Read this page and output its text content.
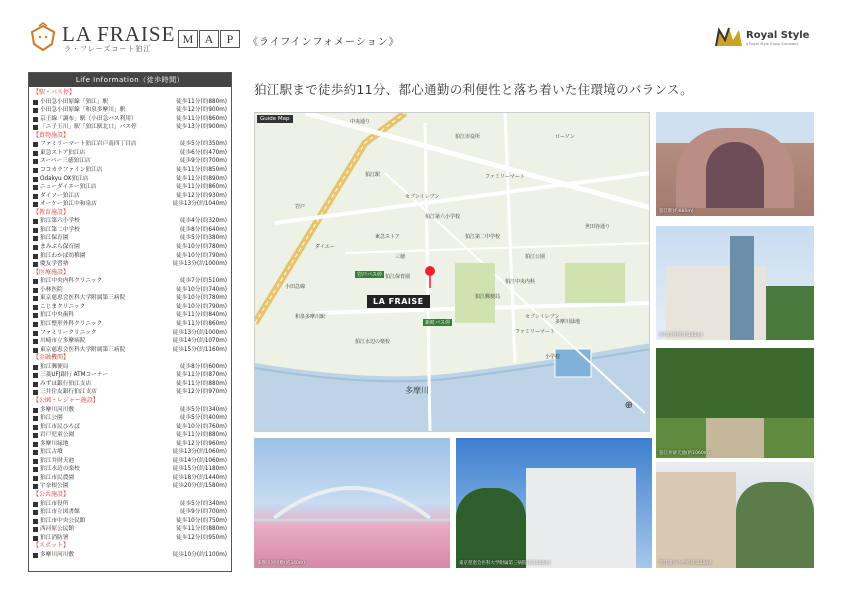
LA FRAISE
ラ・フレーズコート狛江
M A	P	《ライフインフォメーション》
Royal Style
a Royal Style Group Company
狛江駅まで徒歩約11分、都心通勤の利便性と落ち着いた住環境のバランス。
Life Information（徒歩時間）
【駅・バス停】
小田急小田原線「狛江」駅	徒歩11分(約880m)
小田急小田原線「和泉多摩川」駅	徒歩12分(約900m)
京王線「調布」駅（小田急バス利用）	徒歩11分(約860m)
「ニ子玉川」駅「狛江駅北口」バス停	徒歩13分(約900m)
【買物施設】
ファミリーマート狛江岩戸南四丁目店	徒歩5分(約350m)
東急ストア狛江店	徒歩6分(約470m)
スーパー三徳狛江店	徒歩9分(約700m)
ココカラファイン狛江店	徒歩11分(約850m)
Odakyu OX狛江店	徒歩11分(約890m)
ニューダイエー狛江店	徒歩11分(約860m)
ダイソー狛江店	徒歩12分(約930m)
オーケー狛江中和泉店	徒歩13分(約1040m)
【教育施設】
狛江第六小学校	徒歩4分(約320m)
狛江第二中学校	徒歩8分(約640m)
狛江保育園	徒歩5分(約380m)
まみぶら保育園	徒歩10分(約780m)
狛江わかば幼稚園	徒歩10分(約790m)
慶友学習塾	徒歩13分(約1000m)
【医療施設】
狛江中央内科クリニック	徒歩7分(約510m)
小林医院	徒歩10分(約740m)
東京慈恵会医科大学附属第三病院	徒歩10分(約780m)
こじまクリニック	徒歩10分(約790m)
狛江中央歯科	徒歩11分(約840m)
狛江整形外科クリニック	徒歩11分(約860m)
ファミリークリニック	徒歩13分(約1000m)
川崎市立多摩病院	徒歩14分(約1070m)
東京慈恵会医科大学附属第三病院	徒歩15分(約1160m)
【金融機関】
狛江郵便局	徒歩8分(約600m)
三菱UFJ銀行 ATMコーナー	徒歩11分(約870m)
みずほ銀行狛江支店	徒歩11分(約880m)
三井住友銀行狛江支店	徒歩12分(約970m)
【公園・レジャー施設】
多摩川河川敷	徒歩5分(約340m)
狛江公園	徒歩5分(約400m)
狛江市民ひろば	徒歩10分(約760m)
岩戸児童公園	徒歩11分(約880m)
多摩川緑地	徒歩12分(約960m)
狛江古墳	徒歩13分(約1060m)
狛江弁財天池	徒歩14分(約1060m)
狛江水辺の楽校	徒歩15分(約1180m)
狛江市民農園	徒歩18分(約1440m)
宇奈根公園	徒歩20分(約1580m)
【公共施設】
狛江市役所	徒歩5分(約340m)
狛江市立図書館	徒歩9分(約700m)
狛江市中央公民館	徒歩10分(約750m)
西河原公民館	徒歩11分(約880m)
狛江消防署	徒歩12分(約950m)
【スポット】
多摩川河川敷	徒歩10分(約1100m)
Guide Map
LA FRAISE
中央通り
狛江市役所
狛江駅
岩戸
ファミリーマート
セブンイレブン
ローソン
狛江第六小学校
狛江第二中学校
狛江公園
小田急線
和泉多摩川駅
東急ストア
三徳
ダイエー
狛江中央内科
狛江郵便局
狛江保育園
多摩川緑地
狛江水辺の楽校
世田谷通り
小学校
セブンイレブン
ファミリーマート
多摩川
岩戸バス停
新町バス停
⊕
狛江駅(約880m)
狛江市役所(約340m)
狛江弁財天池(約1060m)
多摩川河川敷(約340m)	東京慈恵会医科大学附属第三病院(約1160m)	狛江第六小学校(約320m)
